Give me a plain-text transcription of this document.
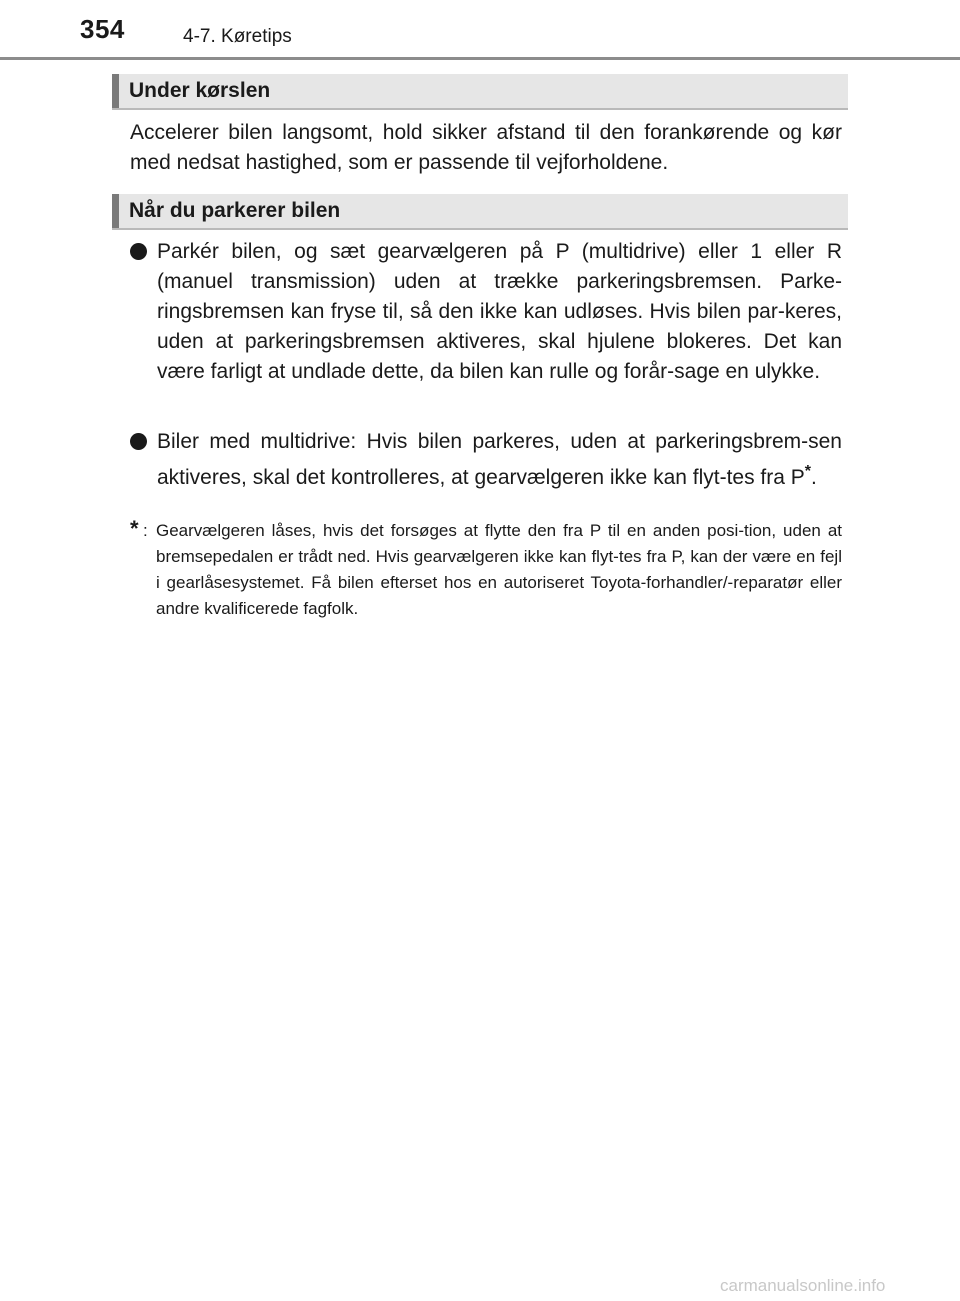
354	4-7. Køretips
Under kørslen

Accelerer bilen langsomt, hold sikker afstand til den forankørende og kør med nedsat hastighed, som er passende til vejforholdene.

Når du parkerer bilen
Parkér bilen, og sæt gearvælgeren på P (multidrive) eller 1 eller R (manuel transmission) uden at trække parkeringsbremsen. Parke-ringsbremsen kan fryse til, så den ikke kan udløses. Hvis bilen par-keres, uden at parkeringsbremsen aktiveres, skal hjulene blokeres. Det kan være farligt at undlade dette, da bilen kan rulle og forår-sage en ulykke.
Biler med multidrive: Hvis bilen parkeres, uden at parkeringsbrem-sen aktiveres, skal det kontrolleres, at gearvælgeren ikke kan flyt-tes fra P*.
* : Gearvælgeren låses, hvis det forsøges at flytte den fra P til en anden posi-tion, uden at bremsepedalen er trådt ned. Hvis gearvælgeren ikke kan flyt-tes fra P, kan der være en fejl i gearlåsesystemet. Få bilen efterset hos en autoriseret Toyota-forhandler/-reparatør eller andre kvalificerede fagfolk.
carmanualsonline.info
